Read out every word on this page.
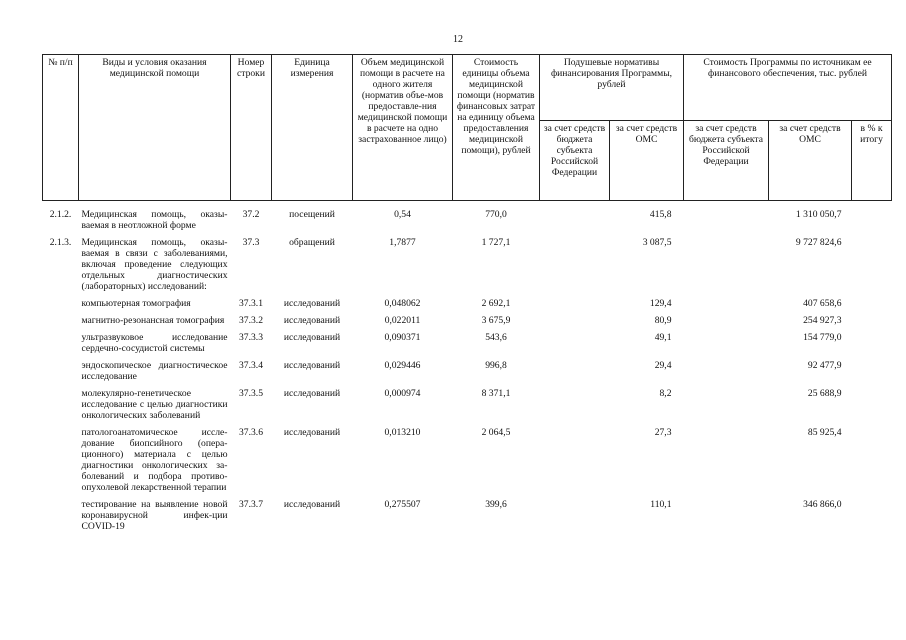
12
№ п/п	Виды и условия оказания медицинской помощи	Номер строки	Единица измерения	Объем медицинской помощи в расчете на одного жителя (норматив объе-мов предоставле-ния медицинской помощи в расчете на одно застрахованное лицо)	Стоимость единицы объема медицинской помощи (норматив финансовых затрат на единицу объема предоставления медицинской помощи), рублей	Подушевые нормативы финансирования Программы, рублей		Стоимость Программы по источникам ее финансового обеспечения, тыс. рублей		
						за счет средств бюджета субъекта Российской Федерации	за счет средств ОМС	за счет средств бюджета субъекта Российской Федерации	за счет средств ОМС	в % к итогу
2.1.2.	Медицинская помощь, оказы-ваемая в неотложной форме	37.2	посещений	0,54	770,0		415,8		1 310 050,7	
2.1.3.	Медицинская помощь, оказы-ваемая в связи с заболеваниями, включая проведение следующих отдельных диагностических (лабораторных) исследований:	37.3	обращений	1,7877	1 727,1		3 087,5		9 727 824,6	
	компьютерная томография	37.3.1	исследований	0,048062	2 692,1		129,4		407 658,6	
	магнитно-резонансная томография	37.3.2	исследований	0,022011	3 675,9		80,9		254 927,3	
	ультразвуковое исследование сердечно-сосудистой системы	37.3.3	исследований	0,090371	543,6		49,1		154 779,0	
	эндоскопическое диагностическое исследование	37.3.4	исследований	0,029446	996,8		29,4		92 477,9	
	молекулярно-генетическое исследование с целью диагностики онкологических заболеваний	37.3.5	исследований	0,000974	8 371,1		8,2		25 688,9	
	патологоанатомическое иссле-дование биопсийного (опера-ционного) материала с целью диагностики онкологических за-болеваний и подбора противо-опухолевой лекарственной терапии	37.3.6	исследований	0,013210	2 064,5		27,3		85 925,4	
	тестирование на выявление новой коронавирусной инфек-ции COVID-19	37.3.7	исследований	0,275507	399,6		110,1		346 866,0	
